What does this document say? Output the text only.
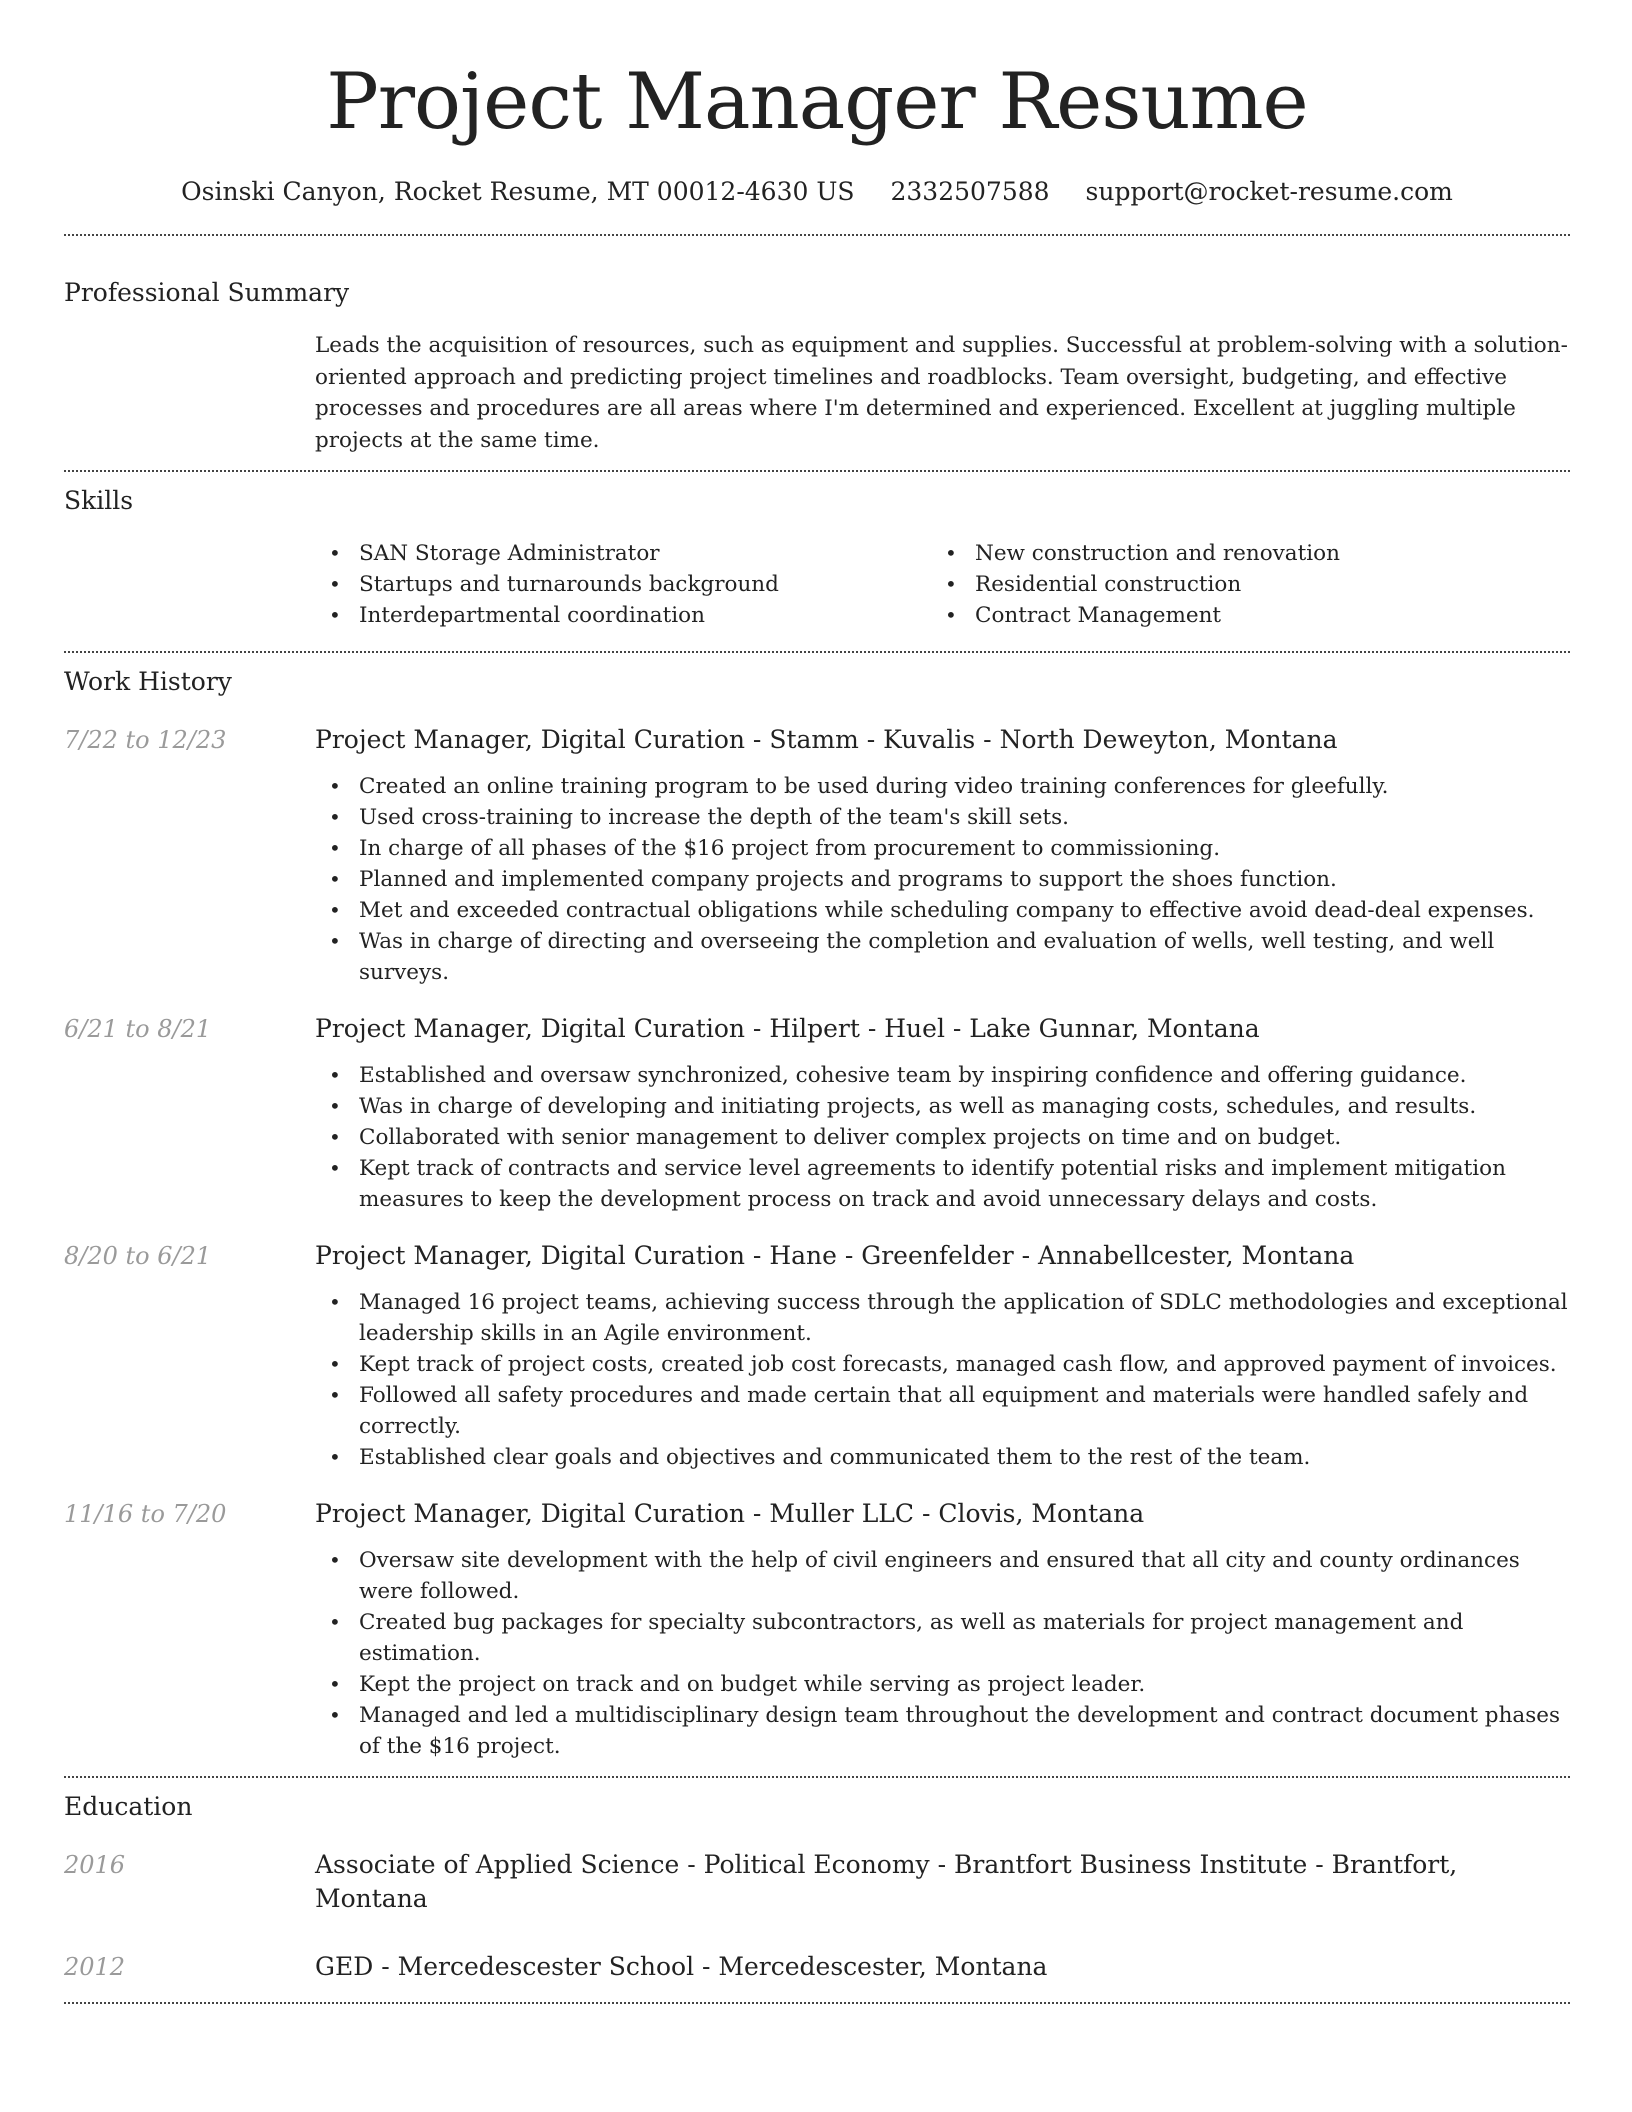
Project Manager Resume
Osinski Canyon, Rocket Resume, MT 00012-4630 US 2332507588 support@rocket-resume.com
Professional Summary

Leads the acquisition of resources, such as equipment and supplies. Successful at problem-solving with a solution-oriented approach and predicting project timelines and roadblocks. Team oversight, budgeting, and effective processes and procedures are all areas where I'm determined and experienced. Excellent at juggling multiple projects at the same time.

Skills
• SAN Storage Administrator
• Startups and turnarounds background
• Interdepartmental coordination
• New construction and renovation
• Residential construction
• Contract Management
Work History
7/22 to 12/23	Project Manager, Digital Curation - Stamm - Kuvalis - North Deweyton, Montana
• Created an online training program to be used during video training conferences for gleefully.
• Used cross-training to increase the depth of the team's skill sets.
• In charge of all phases of the $16 project from procurement to commissioning.
• Planned and implemented company projects and programs to support the shoes function.
• Met and exceeded contractual obligations while scheduling company to effective avoid dead-deal expenses.
• Was in charge of directing and overseeing the completion and evaluation of wells, well testing, and well surveys.
6/21 to 8/21	Project Manager, Digital Curation - Hilpert - Huel - Lake Gunnar, Montana
• Established and oversaw synchronized, cohesive team by inspiring confidence and offering guidance.
• Was in charge of developing and initiating projects, as well as managing costs, schedules, and results.
• Collaborated with senior management to deliver complex projects on time and on budget.
• Kept track of contracts and service level agreements to identify potential risks and implement mitigation measures to keep the development process on track and avoid unnecessary delays and costs.
8/20 to 6/21	Project Manager, Digital Curation - Hane - Greenfelder - Annabellcester, Montana
• Managed 16 project teams, achieving success through the application of SDLC methodologies and exceptional leadership skills in an Agile environment.
• Kept track of project costs, created job cost forecasts, managed cash flow, and approved payment of invoices.
• Followed all safety procedures and made certain that all equipment and materials were handled safely and correctly.
• Established clear goals and objectives and communicated them to the rest of the team.
11/16 to 7/20	Project Manager, Digital Curation - Muller LLC - Clovis, Montana
• Oversaw site development with the help of civil engineers and ensured that all city and county ordinances were followed.
• Created bug packages for specialty subcontractors, as well as materials for project management and estimation.
• Kept the project on track and on budget while serving as project leader.
• Managed and led a multidisciplinary design team throughout the development and contract document phases of the $16 project.
Education
2016	Associate of Applied Science - Political Economy - Brantfort Business Institute - Brantfort, Montana
2012	GED - Mercedescester School - Mercedescester, Montana
